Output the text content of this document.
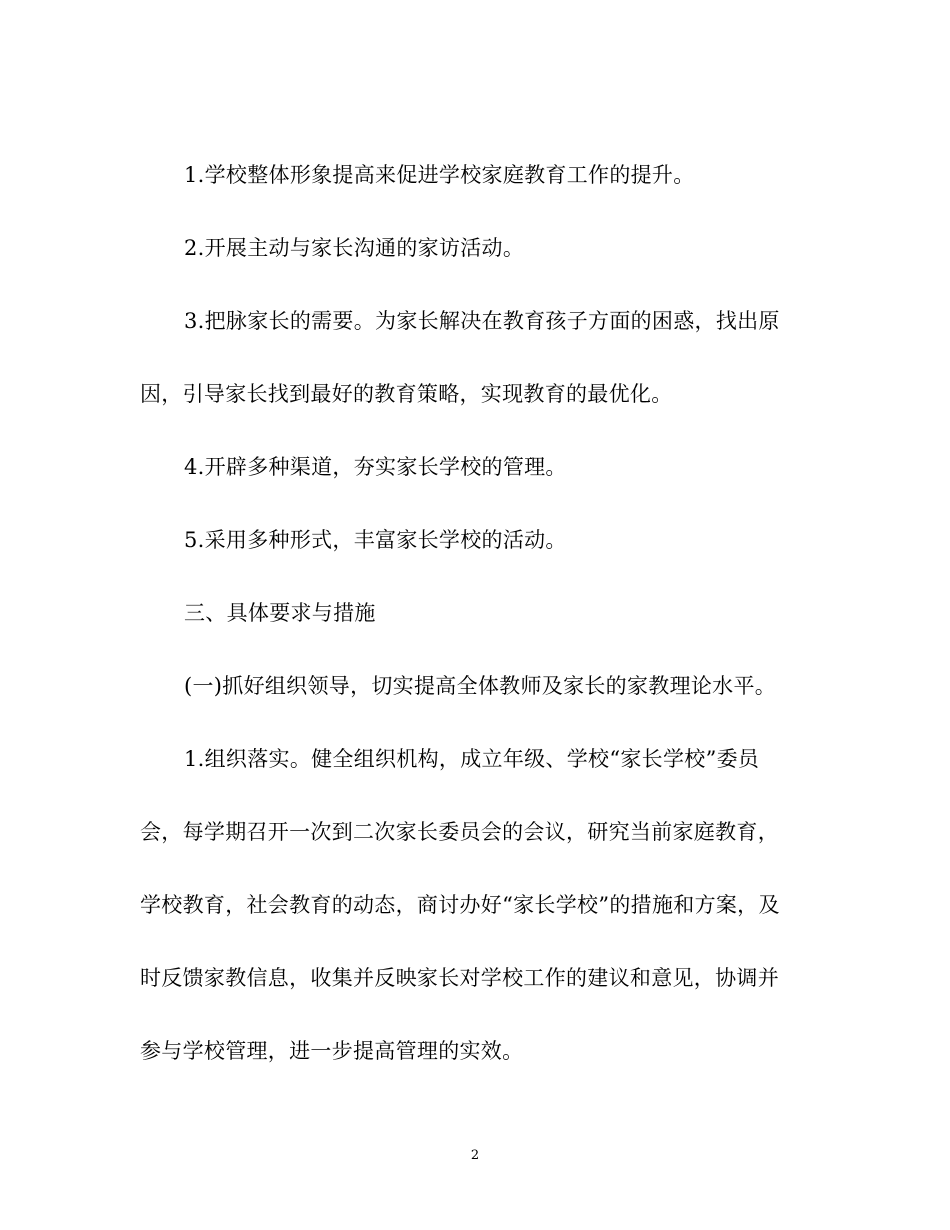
1.学校整体形象提高来促进学校家庭教育工作的提升。

2.开展主动与家长沟通的家访活动。

3.把脉家长的需要。为家长解决在教育孩子方面的困惑，找出原
因，引导家长找到最好的教育策略，实现教育的最优化。

4.开辟多种渠道，夯实家长学校的管理。

5.采用多种形式，丰富家长学校的活动。

三、具体要求与措施

(一)抓好组织领导，切实提高全体教师及家长的家教理论水平。

1.组织落实。健全组织机构，成立年级、学校“家长学校”委员
会，每学期召开一次到二次家长委员会的会议，研究当前家庭教育，
学校教育，社会教育的动态，商讨办好“家长学校”的措施和方案，及
时反馈家教信息，收集并反映家长对学校工作的建议和意见，协调并
参与学校管理，进一步提高管理的实效。

2
